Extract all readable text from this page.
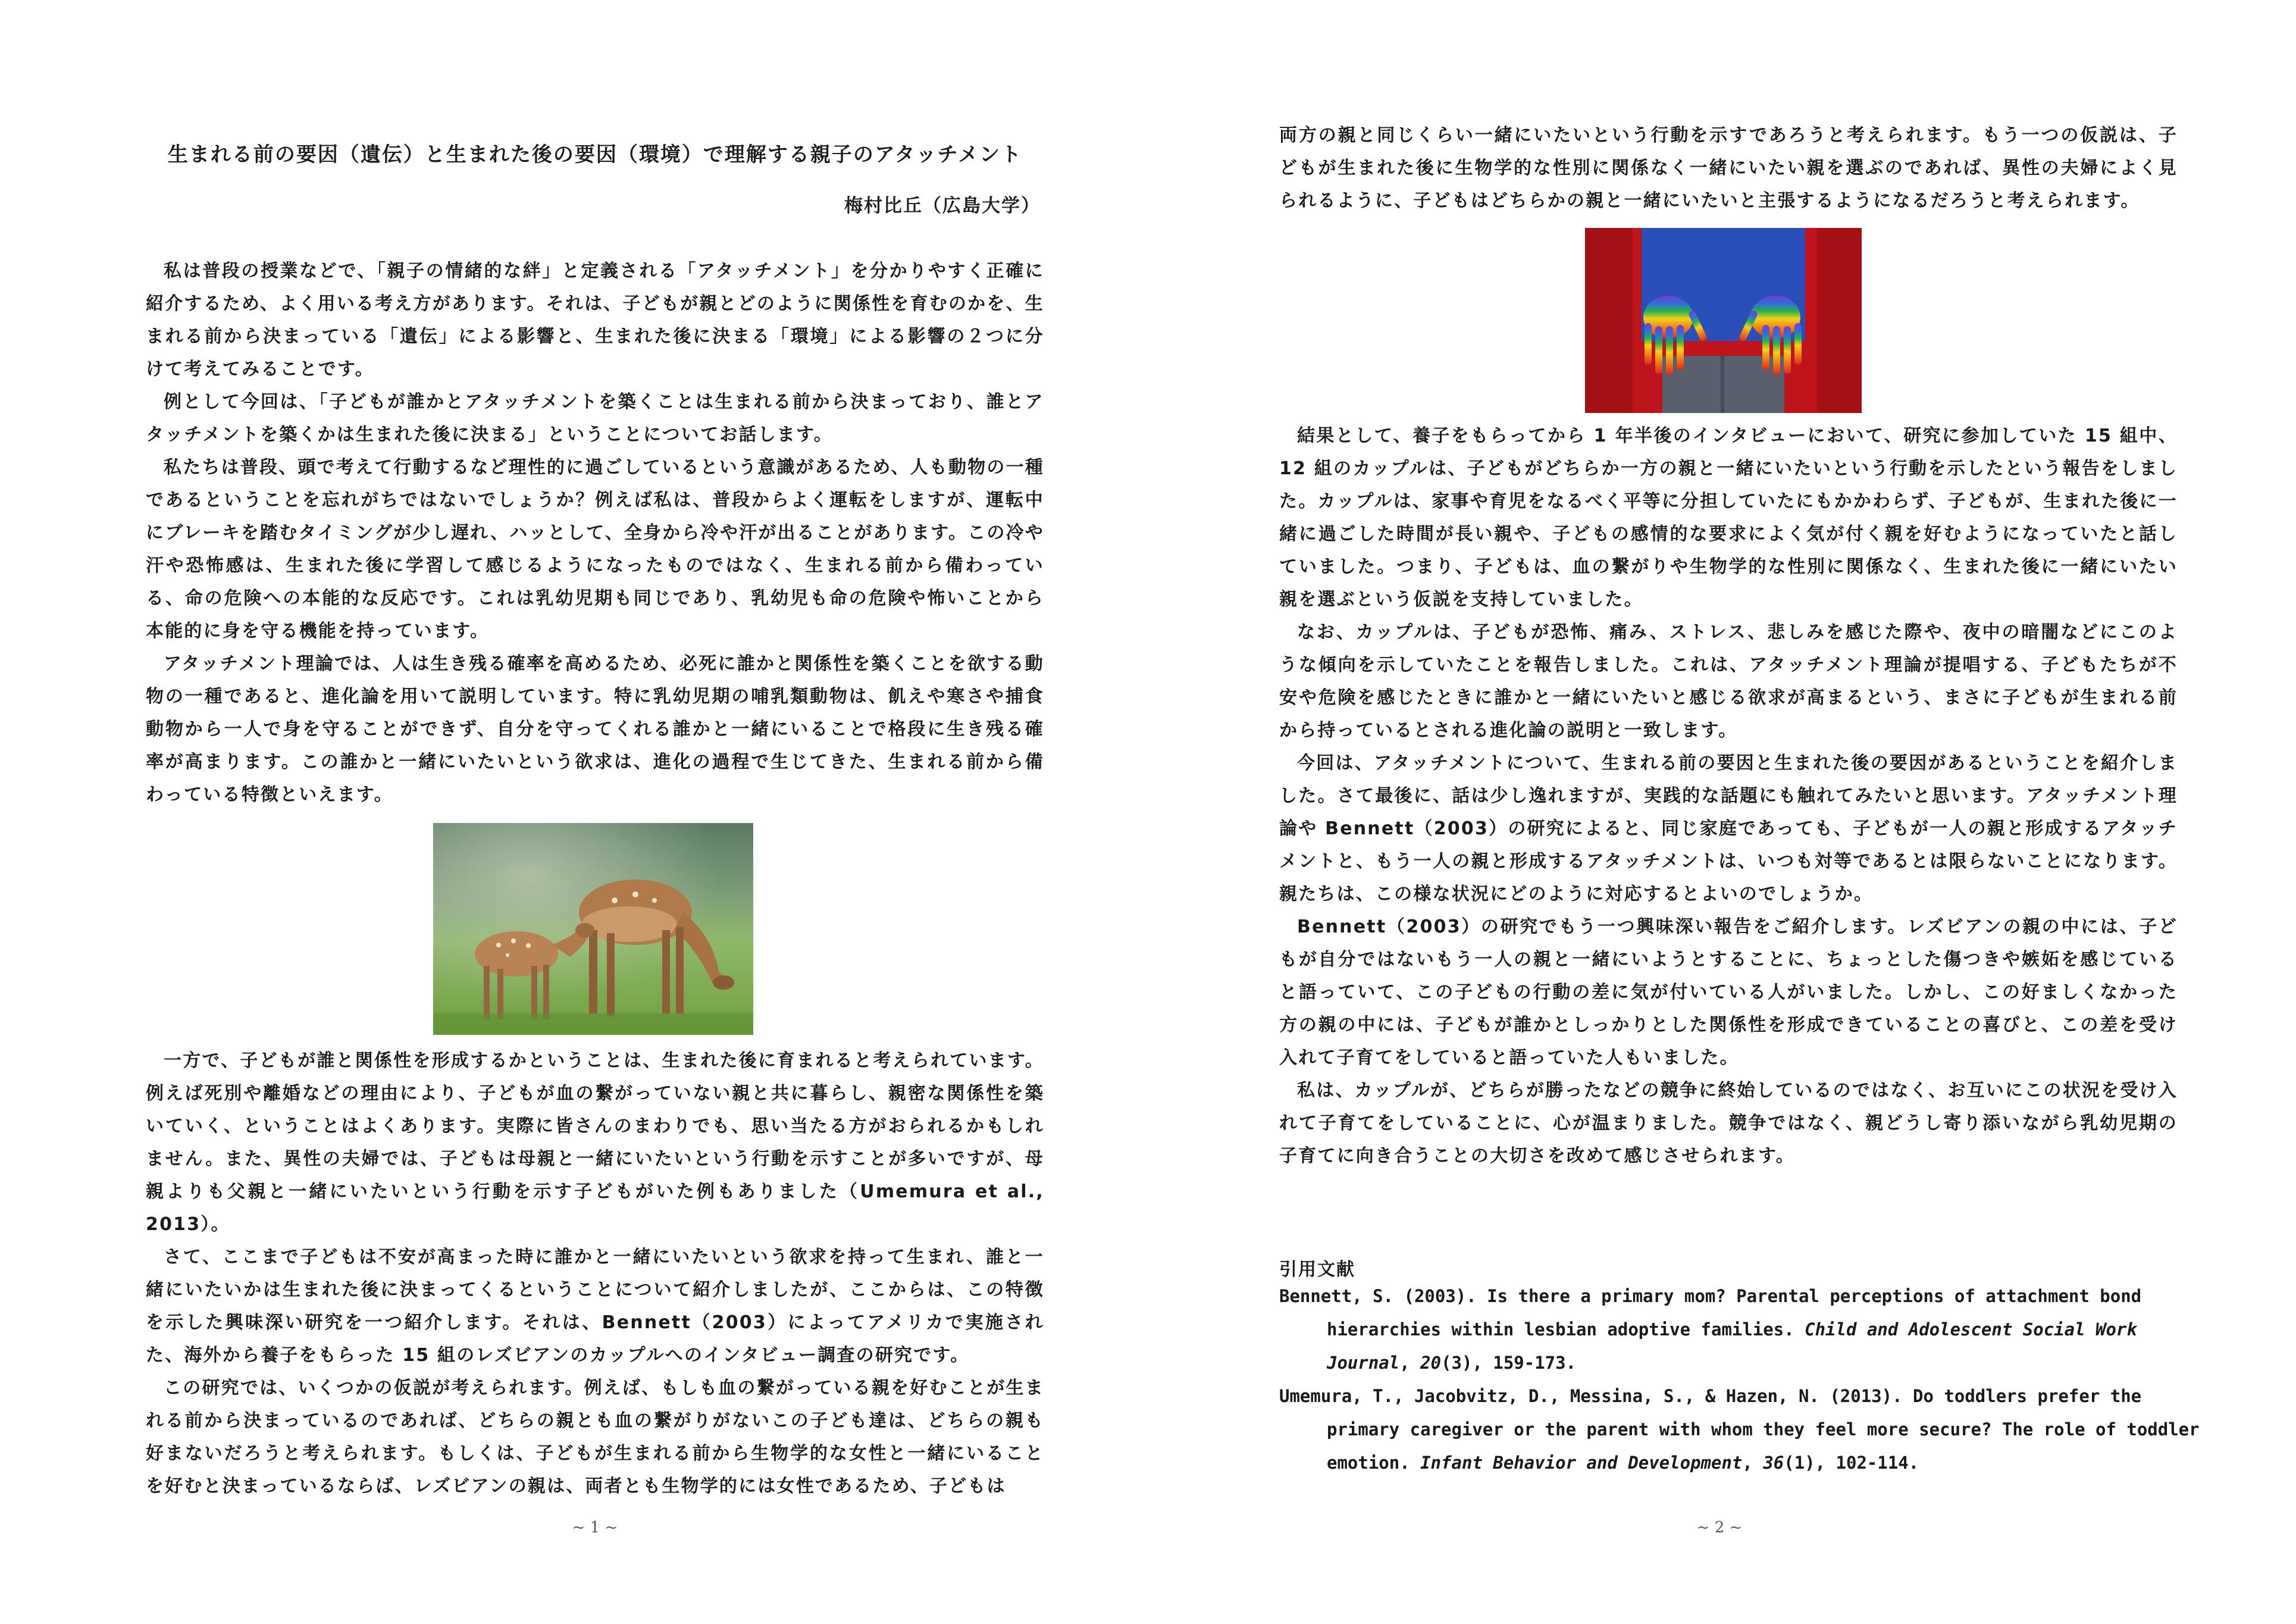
生まれる前の要因（遺伝）と生まれた後の要因（環境）で理解する親子のアタッチメント
梅村比丘（広島大学）

私は普段の授業などで、「親子の情緒的な絆」と定義される「アタッチメント」を分かりやすく正確に紹介するため、よく用いる考え方があります。それは、子どもが親とどのように関係性を育むのかを、生まれる前から決まっている「遺伝」による影響と、生まれた後に決まる「環境」による影響の２つに分けて考えてみることです。

例として今回は、「子どもが誰かとアタッチメントを築くことは生まれる前から決まっており、誰とアタッチメントを築くかは生まれた後に決まる」ということについてお話します。

私たちは普段、頭で考えて行動するなど理性的に過ごしているという意識があるため、人も動物の一種であるということを忘れがちではないでしょうか？例えば私は、普段からよく運転をしますが、運転中にブレーキを踏むタイミングが少し遅れ、ハッとして、全身から冷や汗が出ることがあります。この冷や汗や恐怖感は、生まれた後に学習して感じるようになったものではなく、生まれる前から備わっている、命の危険への本能的な反応です。これは乳幼児期も同じであり、乳幼児も命の危険や怖いことから本能的に身を守る機能を持っています。

アタッチメント理論では、人は生き残る確率を高めるため、必死に誰かと関係性を築くことを欲する動物の一種であると、進化論を用いて説明しています。特に乳幼児期の哺乳類動物は、飢えや寒さや捕食動物から一人で身を守ることができず、自分を守ってくれる誰かと一緒にいることで格段に生き残る確率が高まります。この誰かと一緒にいたいという欲求は、進化の過程で生じてきた、生まれる前から備わっている特徴といえます。

一方で、子どもが誰と関係性を形成するかということは、生まれた後に育まれると考えられています。例えば死別や離婚などの理由により、子どもが血の繋がっていない親と共に暮らし、親密な関係性を築いていく、ということはよくあります。実際に皆さんのまわりでも、思い当たる方がおられるかもしれません。また、異性の夫婦では、子どもは母親と一緒にいたいという行動を示すことが多いですが、母親よりも父親と一緒にいたいという行動を示す子どもがいた例もありました（Umemura et al., 2013）。

さて、ここまで子どもは不安が高まった時に誰かと一緒にいたいという欲求を持って生まれ、誰と一緒にいたいかは生まれた後に決まってくるということについて紹介しましたが、ここからは、この特徴を示した興味深い研究を一つ紹介します。それは、Bennett（2003）によってアメリカで実施された、海外から養子をもらった 15 組のレズビアンのカップルへのインタビュー調査の研究です。

この研究では、いくつかの仮説が考えられます。例えば、もしも血の繋がっている親を好むことが生まれる前から決まっているのであれば、どちらの親とも血の繋がりがないこの子ども達は、どちらの親も好まないだろうと考えられます。もしくは、子どもが生まれる前から生物学的な女性と一緒にいることを好むと決まっているならば、レズビアンの親は、両者とも生物学的には女性であるため、子どもは

~ 1 ~

両方の親と同じくらい一緒にいたいという行動を示すであろうと考えられます。もう一つの仮説は、子どもが生まれた後に生物学的な性別に関係なく一緒にいたい親を選ぶのであれば、異性の夫婦によく見られるように、子どもはどちらかの親と一緒にいたいと主張するようになるだろうと考えられます。

結果として、養子をもらってから 1 年半後のインタビューにおいて、研究に参加していた 15 組中、12 組のカップルは、子どもがどちらか一方の親と一緒にいたいという行動を示したという報告をしました。カップルは、家事や育児をなるべく平等に分担していたにもかかわらず、子どもが、生まれた後に一緒に過ごした時間が長い親や、子どもの感情的な要求によく気が付く親を好むようになっていたと話していました。つまり、子どもは、血の繋がりや生物学的な性別に関係なく、生まれた後に一緒にいたい親を選ぶという仮説を支持していました。

なお、カップルは、子どもが恐怖、痛み、ストレス、悲しみを感じた際や、夜中の暗闇などにこのような傾向を示していたことを報告しました。これは、アタッチメント理論が提唱する、子どもたちが不安や危険を感じたときに誰かと一緒にいたいと感じる欲求が高まるという、まさに子どもが生まれる前から持っているとされる進化論の説明と一致します。

今回は、アタッチメントについて、生まれる前の要因と生まれた後の要因があるということを紹介しました。さて最後に、話は少し逸れますが、実践的な話題にも触れてみたいと思います。アタッチメント理論や Bennett（2003）の研究によると、同じ家庭であっても、子どもが一人の親と形成するアタッチメントと、もう一人の親と形成するアタッチメントは、いつも対等であるとは限らないことになります。親たちは、この様な状況にどのように対応するとよいのでしょうか。

Bennett（2003）の研究でもう一つ興味深い報告をご紹介します。レズビアンの親の中には、子どもが自分ではないもう一人の親と一緒にいようとすることに、ちょっとした傷つきや嫉妬を感じていると語っていて、この子どもの行動の差に気が付いている人がいました。しかし、この好ましくなかった方の親の中には、子どもが誰かとしっかりとした関係性を形成できていることの喜びと、この差を受け入れて子育てをしていると語っていた人もいました。

私は、カップルが、どちらが勝ったなどの競争に終始しているのではなく、お互いにこの状況を受け入れて子育てをしていることに、心が温まりました。競争ではなく、親どうし寄り添いながら乳幼児期の子育てに向き合うことの大切さを改めて感じさせられます。

引用文献
Bennett, S. (2003). Is there a primary mom? Parental perceptions of attachment bond hierarchies within lesbian adoptive families. Child and Adolescent Social Work Journal, 20(3), 159-173.
Umemura, T., Jacobvitz, D., Messina, S., & Hazen, N. (2013). Do toddlers prefer the primary caregiver or the parent with whom they feel more secure? The role of toddler emotion. Infant Behavior and Development, 36(1), 102-114.
~ 2 ~
